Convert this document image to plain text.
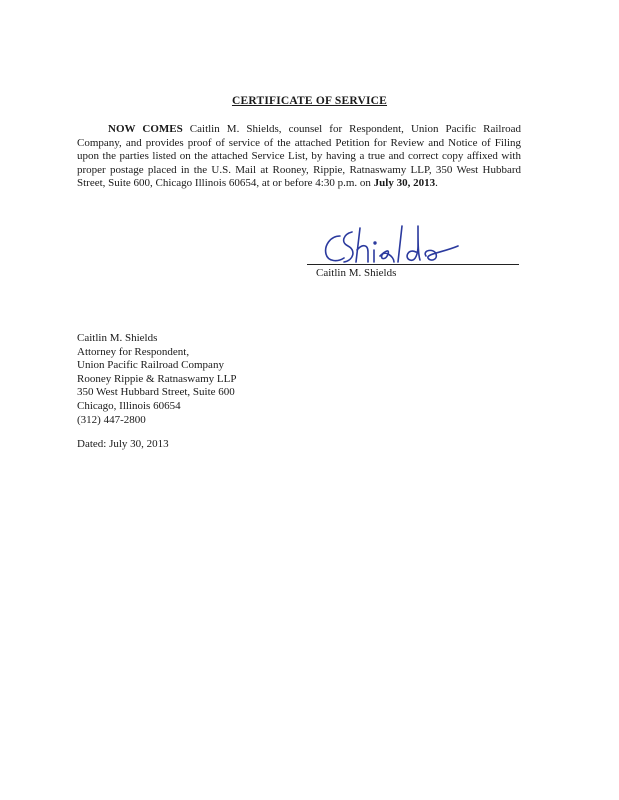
CERTIFICATE OF SERVICE

NOW COMES Caitlin M. Shields, counsel for Respondent, Union Pacific Railroad Company, and provides proof of service of the attached Petition for Review and Notice of Filing upon the parties listed on the attached Service List, by having a true and correct copy affixed with proper postage placed in the U.S. Mail at Rooney, Rippie, Ratnaswamy LLP, 350 West Hubbard Street, Suite 600, Chicago Illinois 60654, at or before 4:30 p.m. on July 30, 2013.

Caitlin M. Shields
Caitlin M. Shields
Attorney for Respondent,
Union Pacific Railroad Company
Rooney Rippie & Ratnaswamy LLP
350 West Hubbard Street, Suite 600
Chicago, Illinois 60654
(312) 447-2800
Dated: July 30, 2013
